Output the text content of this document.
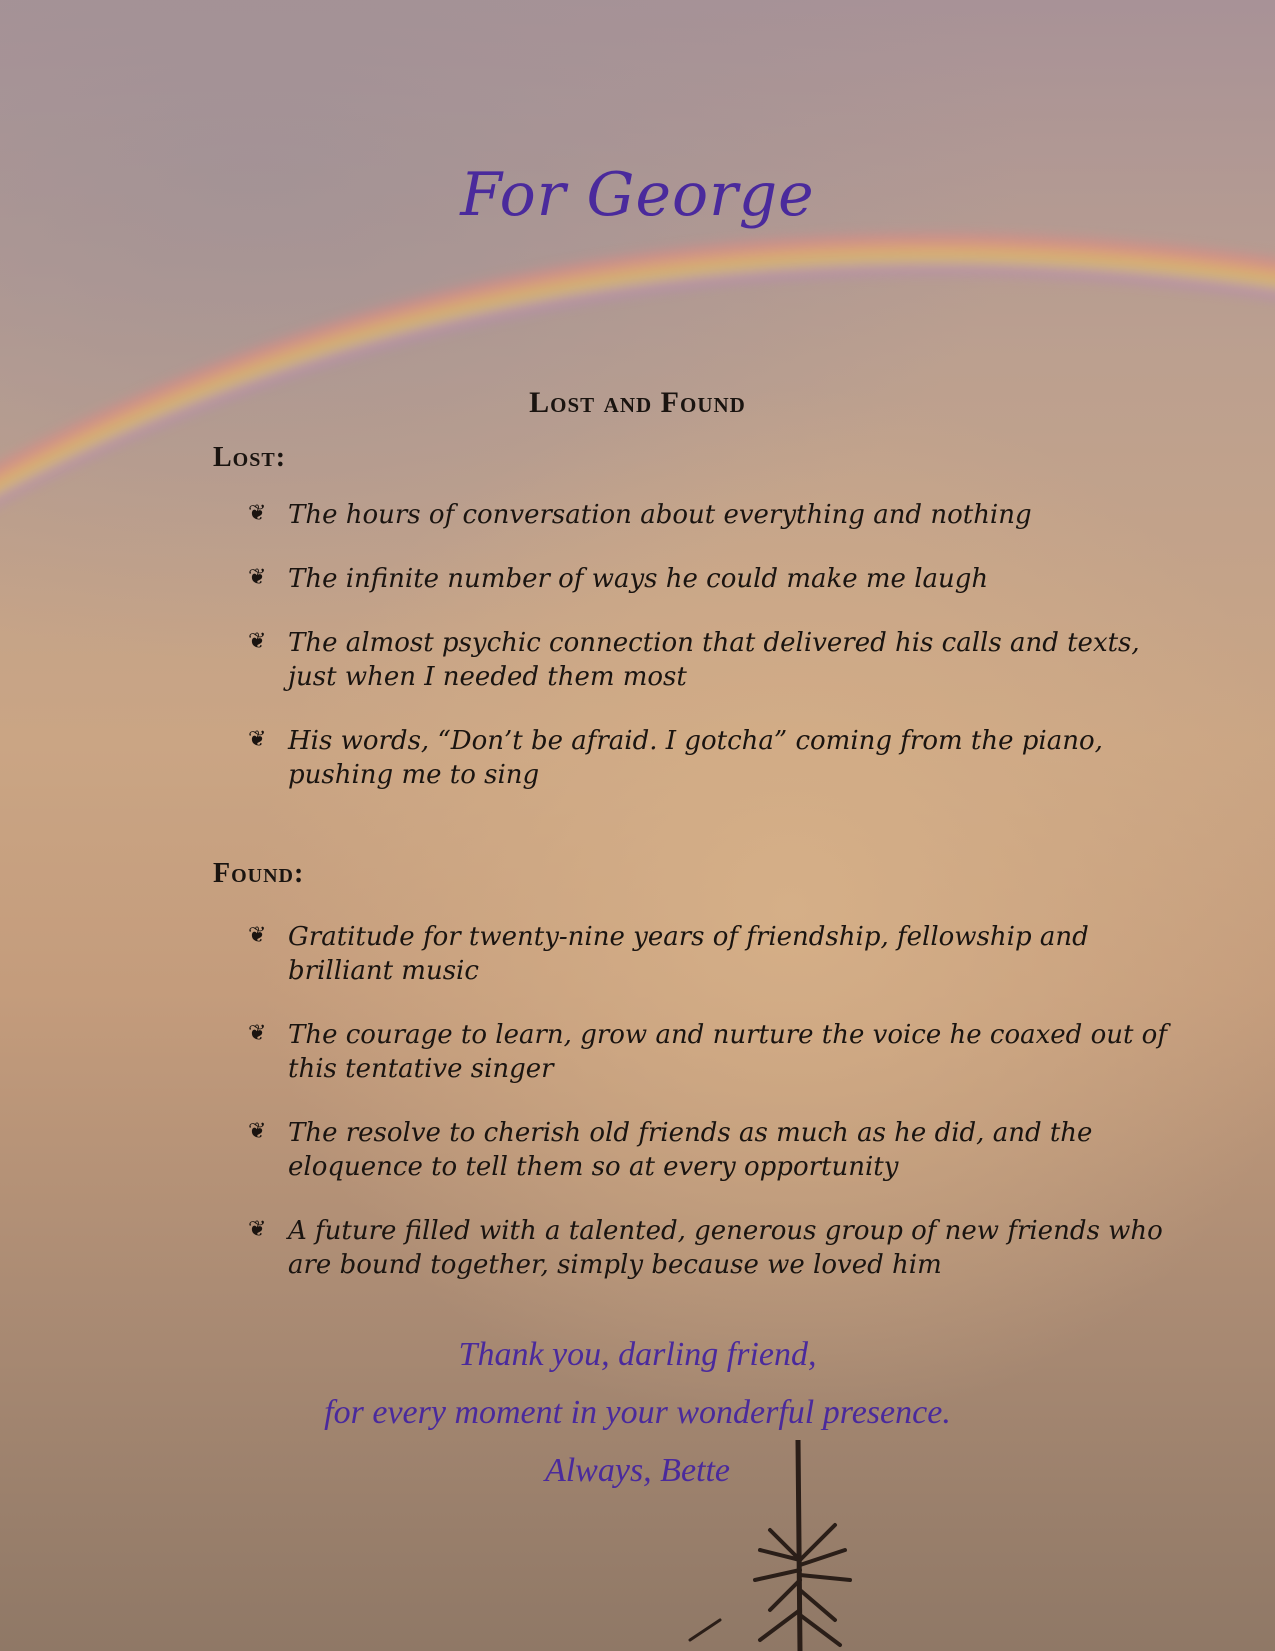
For George
Lost and Found
Lost:
❦ The hours of conversation about everything and nothing
❦ The infinite number of ways he could make me laugh
❦ The almost psychic connection that delivered his calls and texts, just when I needed them most
❦ His words, “Don’t be afraid. I gotcha” coming from the piano, pushing me to sing
Found:
❦ Gratitude for twenty-nine years of friendship, fellowship and brilliant music
❦ The courage to learn, grow and nurture the voice he coaxed out of this tentative singer
❦ The resolve to cherish old friends as much as he did, and the eloquence to tell them so at every opportunity
❦ A future filled with a talented, generous group of new friends who are bound together, simply because we loved him
Thank you, darling friend,
for every moment in your wonderful presence.
Always, Bette
